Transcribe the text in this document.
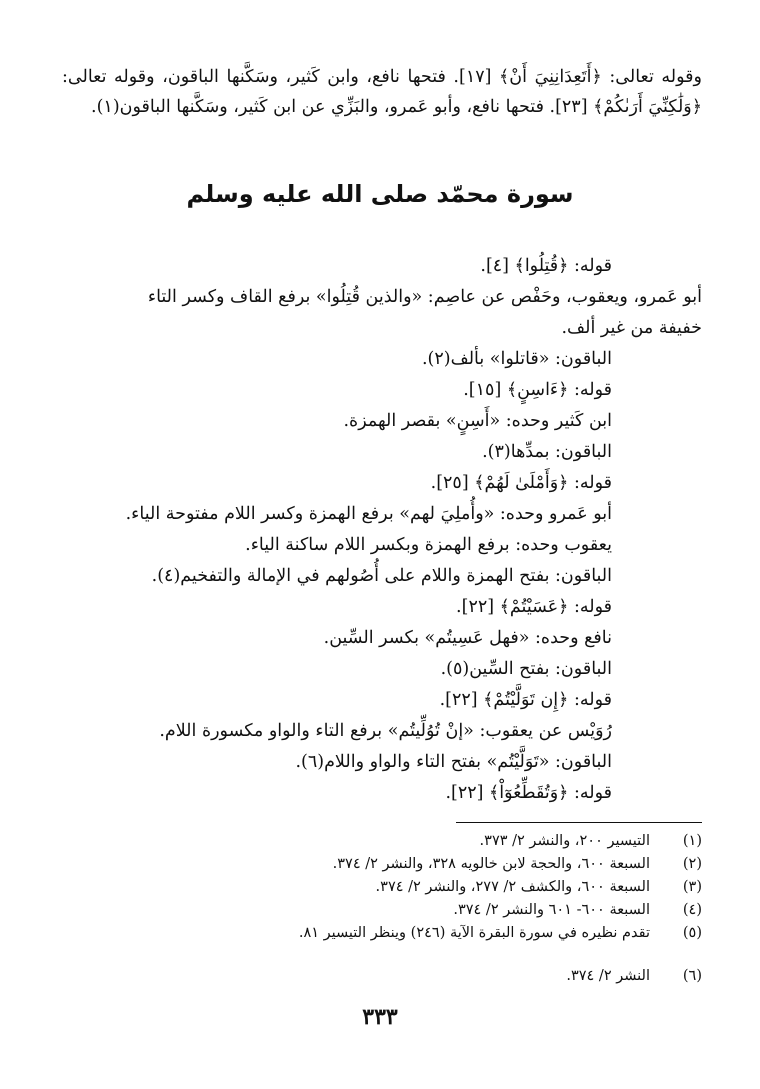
وقوله تعالى: ﴿أَتَعِدَانِنِيَ أَنْ﴾ [١٧]. فتحها نافع، وابن كَثير، وسَكَّنها الباقون، وقوله تعالى: ﴿وَلَٰكِنِّيَ أَرَىٰكُمْ﴾ [٢٣]. فتحها نافع، وأبو عَمرو، والبَزِّي عن ابن كَثير، وسَكَّنها الباقون(١).

سورة محمّد صلى الله عليه وسلم
قوله: ﴿قُتِلُوا﴾ [٤].
أبو عَمرو، ويعقوب، وحَفْص عن عاصِم: «والذين قُتِلُوا» برفع القاف وكسر التاء
خفيفة من غير ألف.
الباقون: «قاتلوا» بألف(٢).
قوله: ﴿ءَاسِنٍ﴾ [١٥].
ابن كَثير وحده: «أَسِنٍ» بقصر الهمزة.
الباقون: بمدِّها(٣).
قوله: ﴿وَأَمْلَىٰ لَهُمْ﴾ [٢٥].
أبو عَمرو وحده: «وأُملِيَ لهم» برفع الهمزة وكسر اللام مفتوحة الياء.
يعقوب وحده: برفع الهمزة وبكسر اللام ساكنة الياء.
الباقون: بفتح الهمزة واللام على أُصُولهم في الإمالة والتفخيم(٤).
قوله: ﴿عَسَيْتُمْ﴾ [٢٢].
نافع وحده: «فهل عَسِيتُم» بكسر السِّين.
الباقون: بفتح السِّين(٥).
قوله: ﴿إِن تَوَلَّيْتُمْ﴾ [٢٢].
رُوَيْس عن يعقوب: «إنْ تُوُلِّيتُم» برفع التاء والواو مكسورة اللام.
الباقون: «تَوَلَّيْتُم» بفتح التاء والواو واللام(٦).
قوله: ﴿وَتُقَطِّعُوٓاْ﴾ [٢٢].
(١)
التيسير ٢٠٠، والنشر ٢/ ٣٧٣.
(٢)
السبعة ٦٠٠، والحجة لابن خالويه ٣٢٨، والنشر ٢/ ٣٧٤.
(٣)
السبعة ٦٠٠، والكشف ٢/ ٢٧٧، والنشر ٢/ ٣٧٤.
(٤)
السبعة ٦٠٠- ٦٠١ والنشر ٢/ ٣٧٤.
(٥)
تقدم نظيره في سورة البقرة الآية (٢٤٦) وينظر التيسير ٨١.
(٦)
النشر ٢/ ٣٧٤.
٣٣٣
